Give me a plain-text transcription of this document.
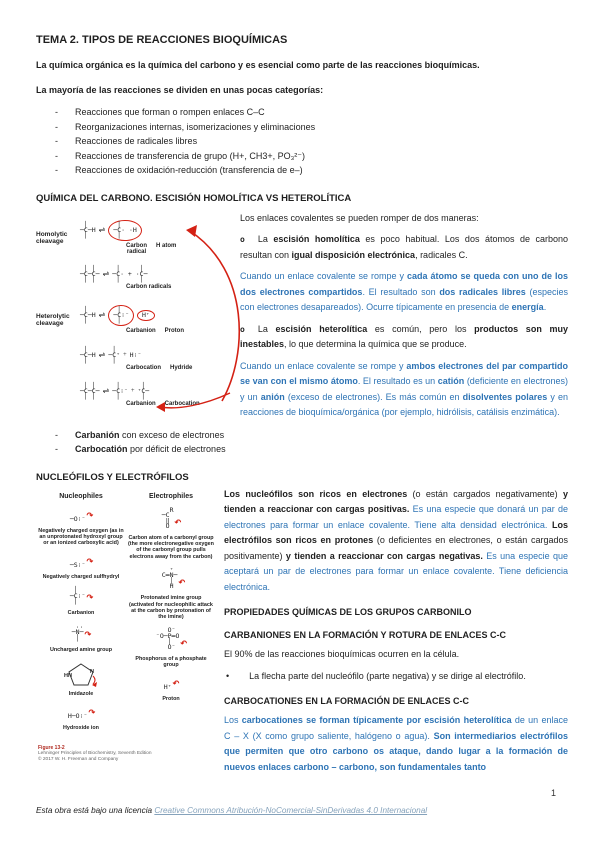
TEMA 2. TIPOS DE REACCIONES BIOQUÍMICAS

La química orgánica es la química del carbono y es esencial como parte de las reacciones bioquímicas.

La mayoría de las reacciones se dividen en unas pocas categorías:

- Reacciones que forman o rompen enlaces C–C
- Reorganizaciones internas, isomerizaciones y eliminaciones
- Reacciones de radicales libres
- Reacciones de transferencia de grupo (H+, CH3+, PO₃²⁻)
- Reacciones de oxidación-reducción (transferencia de e–)
QUÍMICA DEL CARBONO. ESCISIÓN HOMOLÍTICA VS HETEROLÍTICA
Homolytic
cleavage
│
─C─H
│
⇌
│
─C· ·H
│
Carbon
radical
H atom
│ │
─C─C─
│ │
⇌
│     │
─C· + ·C─
│     │
Carbon radicals
Heterolytic
cleavage
│
─C─H
│
⇌
│
─C∶⁻
│
H⁺
Carbanion Proton
│
─C─H
│
⇌
│
─C⁺
│
+ H∶⁻
Carbocation Hydride
│ │
─C─C─
│ │
⇌
│
─C∶⁻
│
+
│
⁺C─
│
Carbanion Carbocation

Los enlaces covalentes se pueden romper de dos maneras:

o La escisión homolítica es poco habitual. Los dos átomos de carbono resultan con igual disposición electrónica, radicales C.

Cuando un enlace covalente se rompe y cada átomo se queda con uno de los dos electrones compartidos. El resultado son dos radicales libres (especies con electrones desapareados). Ocurre típicamente en presencia de energía.

o La escisión heterolítica es común, pero los productos son muy inestables, lo que determina la química que se produce.

Cuando un enlace covalente se rompe y ambos electrones del par compartido se van con el mismo átomo. El resultado es un catión (deficiente en electrones) y un anión (exceso de electrones). Es más común en disolventes polares y en reacciones de bioquímica/orgánica (por ejemplo, hidrólisis, catálisis enzimática).

- Carbanión con exceso de electrones
- Carbocatión por déficit de electrones
NUCLEÓFILOS Y ELECTRÓFILOS
Nucleophiles
─O∶⁻↷
Negatively charged oxygen (as in an unprotonated hydroxyl group or an ionized carboxylic acid)
─S∶⁻↷
Negatively charged sulfhydryl
│
─C∶⁻
│ ↷
Carbanion
··
─N─
│ ↷
Uncharged amine group
HN
N
Imidazole
H─O∶⁻↷
Hydroxide ion
Electrophiles
R
─C
‖
O ↶
Carbon atom of a carbonyl group (the more electronegative oxygen of the carbonyl group pulls electrons away from the carbon)
⁺
C═N─
│
H ↶
Protonated imine group (activated for nucleophilic attack at the carbon by protonation of the imine)
O⁻
⁻O─P═O
│
O⁻ ↶
Phosphorus of a phosphate group
H⁺↶
Proton
Figure 13-2
Lehninger Principles of Biochemistry, Seventh Edition
© 2017 W. H. Freeman and Company

Los nucleófilos son ricos en electrones (o están cargados negativamente) y tienden a reaccionar con cargas positivas. Es una especie que donará un par de electrones para formar un enlace covalente. Tiene alta densidad electrónica. Los electrófilos son ricos en protones (o deficientes en electrones, o están cargados positivamente) y tienden a reaccionar con cargas negativas. Es una especie que aceptará un par de electrones para formar un enlace covalente. Tiene deficiencia electrónica.

PROPIEDADES QUÍMICAS DE LOS GRUPOS CARBONILO
CARBANIONES EN LA FORMACIÓN Y ROTURA DE ENLACES C-C

El 90% de las reacciones bioquímicas ocurren en la célula.

• La flecha parte del nucleófilo (parte negativa) y se dirige al electrófilo.

CARBOCATIONES EN LA FORMACIÓN DE ENLACES C-C

Los carbocationes se forman típicamente por escisión heterolítica de un enlace C – X (X como grupo saliente, halógeno o agua). Son intermediarios electrófilos que permiten que otro carbono os ataque, dando lugar a la formación de nuevos enlaces carbono – carbono, son fundamentales tanto

1
Esta obra está bajo una licencia Creative Commons Atribución-NoComercial-SinDerivadas 4.0 Internacional
